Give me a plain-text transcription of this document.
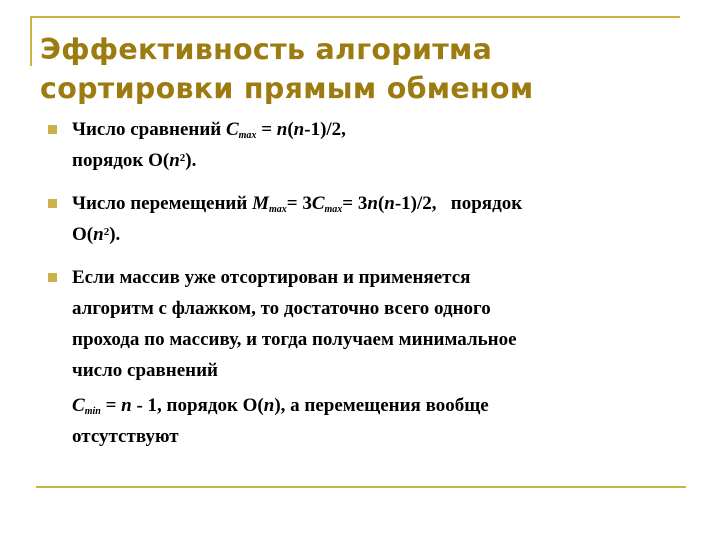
Эффективность алгоритма
сортировки прямым обменом
Число сравнений $C_{max} = n(n-1)/2$,
порядок $O(n^2)$.
Число перемещений $M_{max}= 3C_{max}= 3n(n-1)/2$,   порядок
$O(n^2)$.
Если массив уже отсортирован и применяется
алгоритм с флажком, то достаточно всего одного
прохода по массиву, и тогда получаем минимальное
число сравнений
$C_{min} = n - 1$, порядок O(n), а перемещения вообще
отсутствуют
